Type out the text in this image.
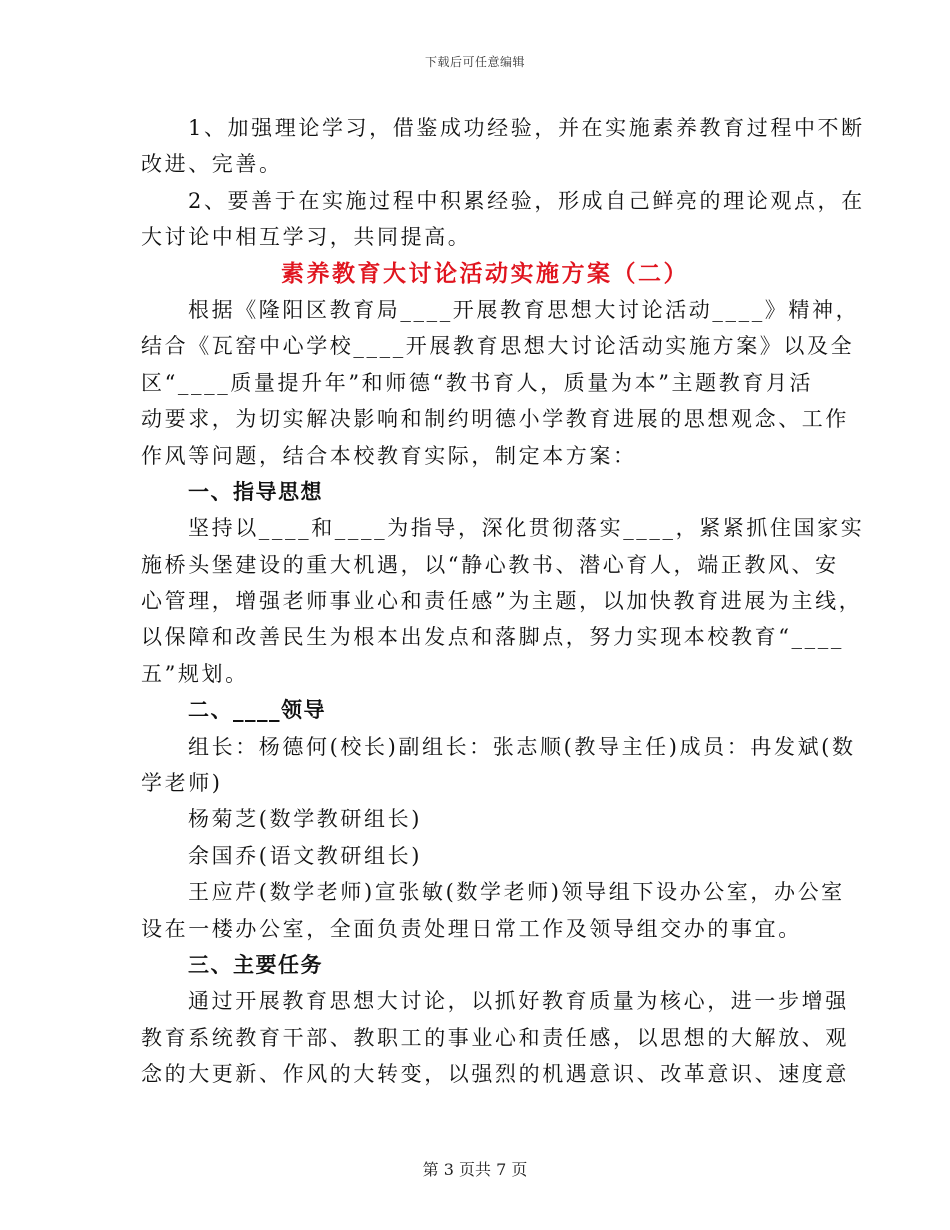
下载后可任意编辑
1、加强理论学习，借鉴成功经验，并在实施素养教育过程中不断
改进、完善。
2、要善于在实施过程中积累经验，形成自己鲜亮的理论观点，在
大讨论中相互学习，共同提高。
素养教育大讨论活动实施方案（二）
根据《隆阳区教育局____开展教育思想大讨论活动____》精神，
结合《瓦窑中心学校____开展教育思想大讨论活动实施方案》以及全
区“____质量提升年”和师德“教书育人，质量为本”主题教育月活
动要求，为切实解决影响和制约明德小学教育进展的思想观念、工作
作风等问题，结合本校教育实际，制定本方案：
一、指导思想
坚持以____和____为指导，深化贯彻落实____，紧紧抓住国家实
施桥头堡建设的重大机遇，以“静心教书、潜心育人，端正教风、安
心管理，增强老师事业心和责任感”为主题，以加快教育进展为主线，
以保障和改善民生为根本出发点和落脚点，努力实现本校教育“____
五”规划。
二、____领导
组长：杨德何(校长)副组长：张志顺(教导主任)成员：冉发斌(数
学老师)
杨菊芝(数学教研组长)
余国乔(语文教研组长)
王应芹(数学老师)宣张敏(数学老师)领导组下设办公室，办公室
设在一楼办公室，全面负责处理日常工作及领导组交办的事宜。
三、主要任务
通过开展教育思想大讨论，以抓好教育质量为核心，进一步增强
教育系统教育干部、教职工的事业心和责任感，以思想的大解放、观
念的大更新、作风的大转变，以强烈的机遇意识、改革意识、速度意
第 3 页共 7 页
